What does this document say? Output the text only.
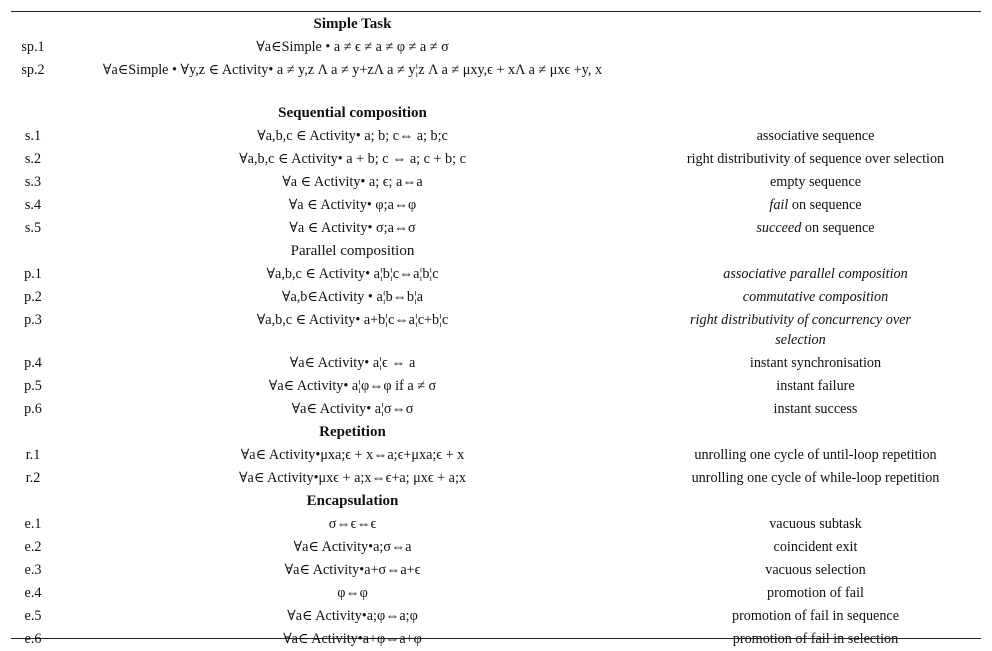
	Simple Task	
sp.1	∀a∈Simple • a ≠ ϵ ≠ a ≠ φ ≠ a ≠ σ	
sp.2	∀a∈Simple • ∀y,z ∈ Activity• a ≠ y,z Λ a ≠ y+zΛ a ≠ y¦z Λ a ≠ μxy,ϵ + xΛ a ≠ μxϵ +y, x	
	Sequential composition	
s.1	∀a,b,c ∈ Activity• a; b; c⇔ a; b;c	associative sequence
s.2	∀a,b,c ∈ Activity• a + b; c ⇔ a; c + b; c	right distributivity of sequence over selection
s.3	∀a ∈ Activity• a; ϵ; a⇔a	empty sequence
s.4	∀a ∈ Activity• φ;a⇔φ	fail on sequence
s.5	∀a ∈ Activity• σ;a⇔σ	succeed on sequence
	Parallel composition	
p.1	∀a,b,c ∈ Activity• a¦b¦c⇔a¦b¦c	associative parallel composition
p.2	∀a,b∈Activity • a¦b⇔b¦a	commutative composition
p.3	∀a,b,c ∈ Activity• a+b¦c⇔a¦c+b¦c	right distributivity of concurrency over selection
p.4	∀a∈ Activity• a¦ϵ ⇔ a	instant synchronisation
p.5	∀a∈ Activity• a¦φ⇔φ if a ≠ σ	instant failure
p.6	∀a∈ Activity• a¦σ⇔σ	instant success
	Repetition	
r.1	∀a∈ Activity•μxa;ϵ + x⇔a;ϵ+μxa;ϵ + x	unrolling one cycle of until-loop repetition
r.2	∀a∈ Activity•μxϵ + a;x⇔ϵ+a; μxϵ + a;x	unrolling one cycle of while-loop repetition
	Encapsulation	
e.1	σ⇔ϵ⇔ϵ	vacuous subtask
e.2	∀a∈ Activity•a;σ⇔a	coincident exit
e.3	∀a∈ Activity•a+σ⇔a+ϵ	vacuous selection
e.4	φ⇔φ	promotion of fail
e.5	∀a∈ Activity•a;φ⇔a;φ	promotion of fail in sequence
e.6	∀a∈ Activity•a+φ⇔a+φ	promotion of fail in selection
